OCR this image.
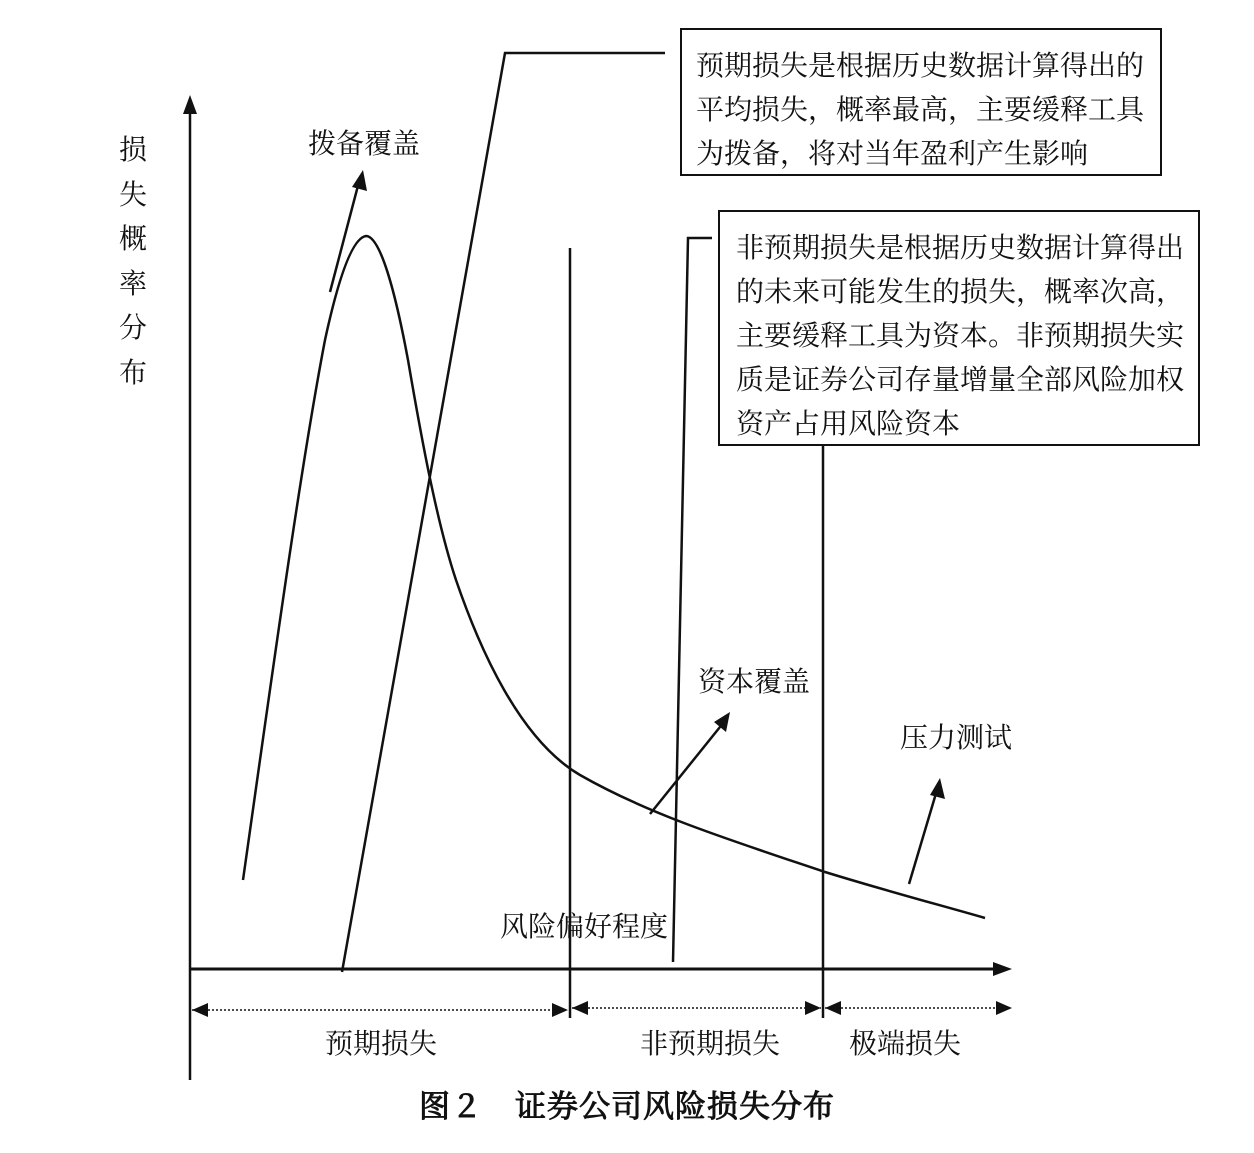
损
失
概
率
分
布
拨备覆盖
资本覆盖
压力测试
风险偏好程度
预期损失是根据历史数据计算得出的平均损失，概率最高，主要缓释工具为拨备，将对当年盈利产生影响
非预期损失是根据历史数据计算得出的未来可能发生的损失，概率次高，主要缓释工具为资本。非预期损失实质是证券公司存量增量全部风险加权资产占用风险资本
预期损失	非预期损失 极端损失
图２　证券公司风险损失分布
